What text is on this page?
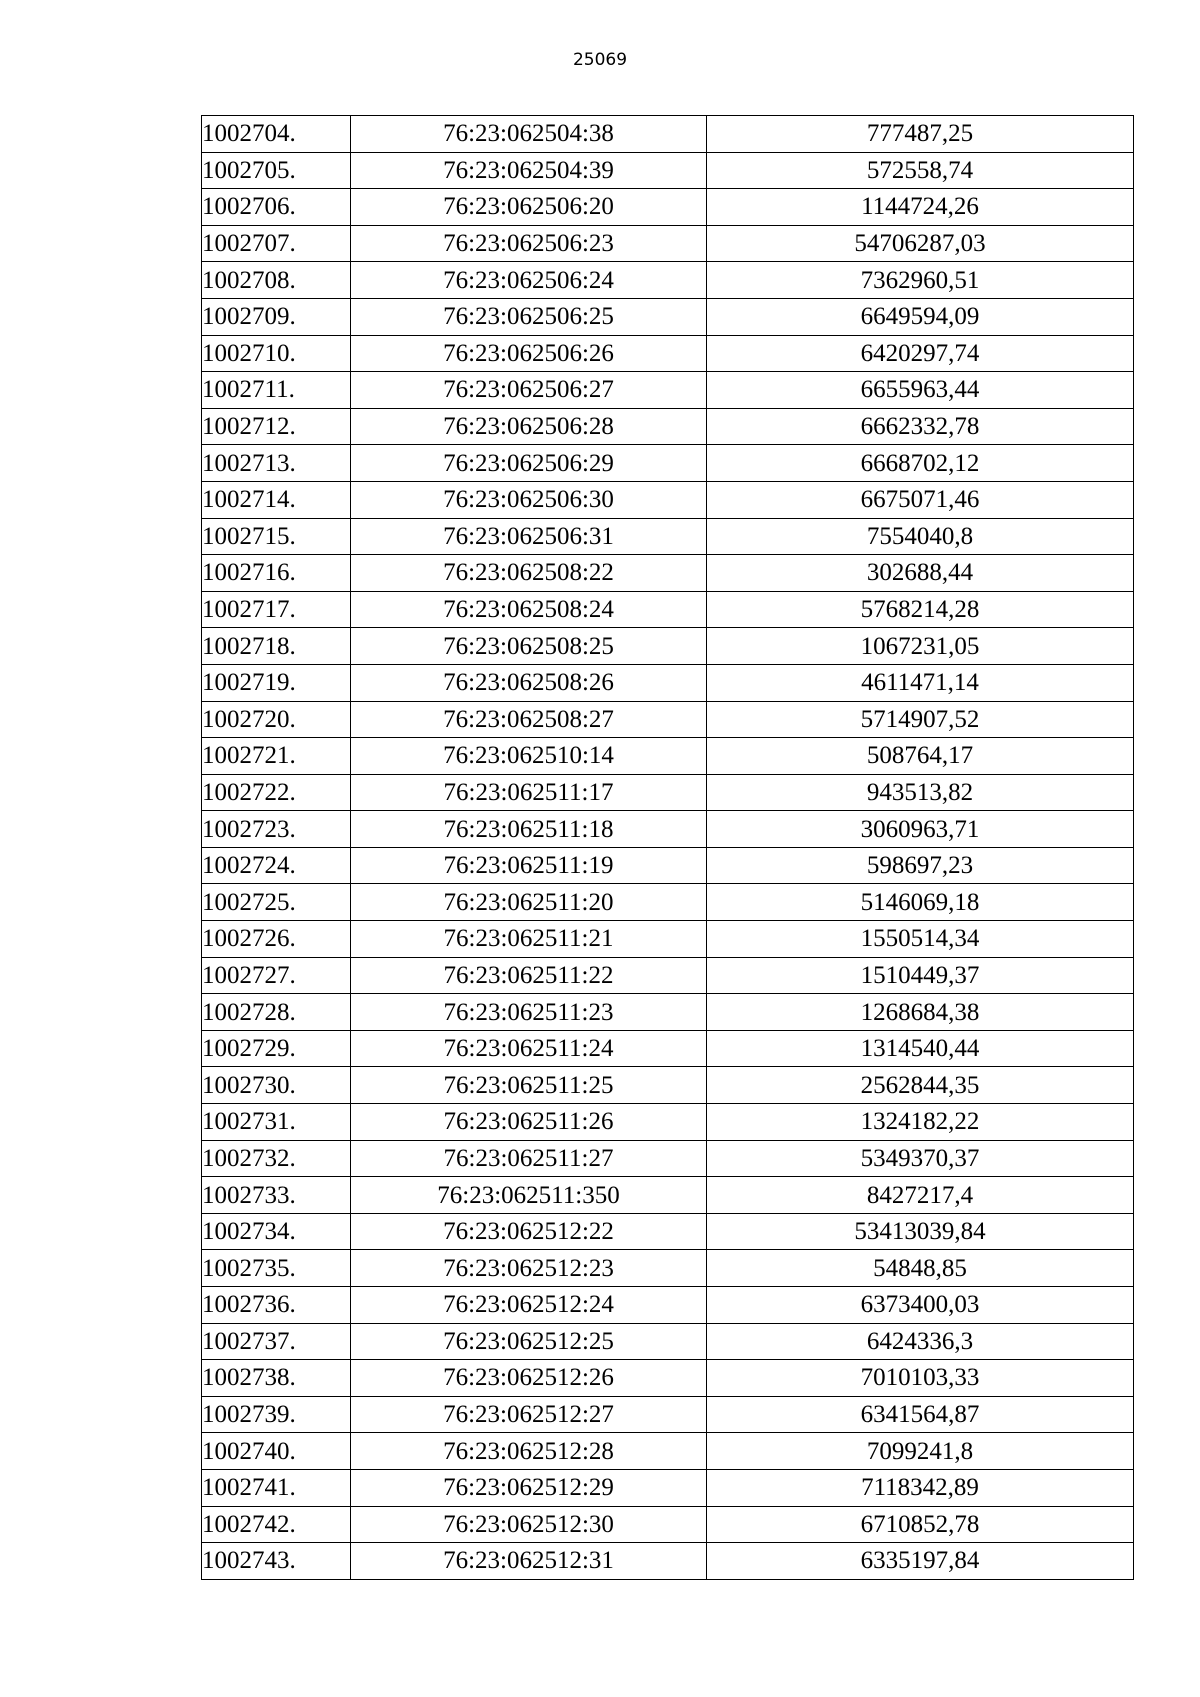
25069
1002704.	76:23:062504:38	777487,25
1002705.	76:23:062504:39	572558,74
1002706.	76:23:062506:20	1144724,26
1002707.	76:23:062506:23	54706287,03
1002708.	76:23:062506:24	7362960,51
1002709.	76:23:062506:25	6649594,09
1002710.	76:23:062506:26	6420297,74
1002711.	76:23:062506:27	6655963,44
1002712.	76:23:062506:28	6662332,78
1002713.	76:23:062506:29	6668702,12
1002714.	76:23:062506:30	6675071,46
1002715.	76:23:062506:31	7554040,8
1002716.	76:23:062508:22	302688,44
1002717.	76:23:062508:24	5768214,28
1002718.	76:23:062508:25	1067231,05
1002719.	76:23:062508:26	4611471,14
1002720.	76:23:062508:27	5714907,52
1002721.	76:23:062510:14	508764,17
1002722.	76:23:062511:17	943513,82
1002723.	76:23:062511:18	3060963,71
1002724.	76:23:062511:19	598697,23
1002725.	76:23:062511:20	5146069,18
1002726.	76:23:062511:21	1550514,34
1002727.	76:23:062511:22	1510449,37
1002728.	76:23:062511:23	1268684,38
1002729.	76:23:062511:24	1314540,44
1002730.	76:23:062511:25	2562844,35
1002731.	76:23:062511:26	1324182,22
1002732.	76:23:062511:27	5349370,37
1002733.	76:23:062511:350	8427217,4
1002734.	76:23:062512:22	53413039,84
1002735.	76:23:062512:23	54848,85
1002736.	76:23:062512:24	6373400,03
1002737.	76:23:062512:25	6424336,3
1002738.	76:23:062512:26	7010103,33
1002739.	76:23:062512:27	6341564,87
1002740.	76:23:062512:28	7099241,8
1002741.	76:23:062512:29	7118342,89
1002742.	76:23:062512:30	6710852,78
1002743.	76:23:062512:31	6335197,84
